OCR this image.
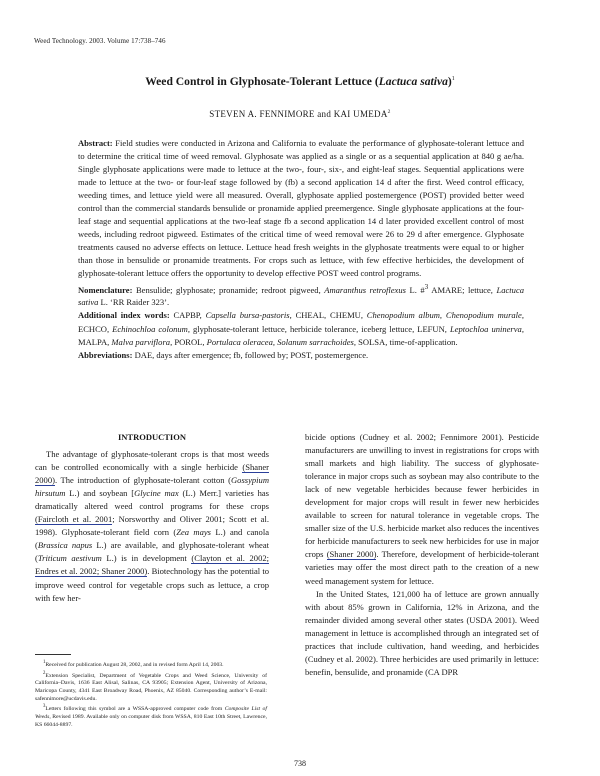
Weed Technology. 2003. Volume 17:738–746
Weed Control in Glyphosate-Tolerant Lettuce (Lactuca sativa)$^1$
STEVEN A. FENNIMORE and KAI UMEDA$^2$

Abstract: Field studies were conducted in Arizona and California to evaluate the performance of glyphosate-tolerant lettuce and to determine the critical time of weed removal. Glyphosate was applied as a single or as a sequential application at 840 g ae/ha. Single glyphosate applications were made to lettuce at the two-, four-, six-, and eight-leaf stages. Sequential applications were made to lettuce at the two- or four-leaf stage followed by (fb) a second application 14 d after the first. Weed control efficacy, weeding times, and lettuce yield were all measured. Overall, glyphosate applied postemergence (POST) provided better weed control than the commercial standards bensulide or pronamide applied preemergence. Single glyphosate applications at the four-leaf stage and sequential applications at the two-leaf stage fb a second application 14 d later provided excellent control of most weeds, including redroot pigweed. Estimates of the critical time of weed removal were 26 to 29 d after emergence. Glyphosate treatments caused no adverse effects on lettuce. Lettuce head fresh weights in the glyphosate treatments were equal to or higher than those in bensulide or pronamide treatments. For crops such as lettuce, with few effective herbicides, the development of glyphosate-tolerant lettuce offers the opportunity to develop effective POST weed control programs.

Nomenclature: Bensulide; glyphosate; pronamide; redroot pigweed, Amaranthus retroflexus L. #$^3$ AMARE; lettuce, Lactuca sativa L. ‘RR Raider 323’.

Additional index words: CAPBP, Capsella bursa-pastoris, CHEAL, CHEMU, Chenopodium album, Chenopodium murale, ECHCO, Echinochloa colonum, glyphosate-tolerant lettuce, herbicide tolerance, iceberg lettuce, LEFUN, Leptochloa uninerva, MALPA, Malva parviflora, POROL, Portulaca oleracea, Solanum sarrachoides, SOLSA, time-of-application.

Abbreviations: DAE, days after emergence; fb, followed by; POST, postemergence.

INTRODUCTION

The advantage of glyphosate-tolerant crops is that most weeds can be controlled economically with a single herbicide (Shaner 2000). The introduction of glyphosate-tolerant cotton (Gossypium hirsutum L.) and soybean [Glycine max (L.) Merr.] varieties has dramatically altered weed control programs for these crops (Faircloth et al. 2001; Norsworthy and Oliver 2001; Scott et al. 1998). Glyphosate-tolerant field corn (Zea mays L.) and canola (Brassica napus L.) are available, and glyphosate-tolerant wheat (Triticum aestivum L.) is in development (Clayton et al. 2002; Endres et al. 2002; Shaner 2000). Biotechnology has the potential to improve weed control for vegetable crops such as lettuce, a crop with few her-

bicide options (Cudney et al. 2002; Fennimore 2001). Pesticide manufacturers are unwilling to invest in registrations for crops with small markets and high liability. The success of glyphosate-tolerance in major crops such as soybean may also contribute to the lack of new vegetable herbicides because fewer herbicides in development for major crops will result in fewer new herbicides available to screen for natural tolerance in vegetable crops. The smaller size of the U.S. herbicide market also reduces the incentives for herbicide manufacturers to seek new herbicides for use in major crops (Shaner 2000). Therefore, development of herbicide-tolerant varieties may offer the most direct path to the creation of a new weed management system for lettuce.

In the United States, 121,000 ha of lettuce are grown annually with about 85% grown in California, 12% in Arizona, and the remainder divided among several other states (USDA 2001). Weed management in lettuce is accomplished through an integrated set of practices that include cultivation, hand weeding, and herbicides (Cudney et al. 2002). Three herbicides are used primarily in lettuce: benefin, bensulide, and pronamide (CA DPR

$^1$Received for publication August 28, 2002, and in revised form April 14, 2003.

$^2$Extension Specialist, Department of Vegetable Crops and Weed Science, University of California–Davis, 1636 East Alisal, Salinas, CA 93905; Extension Agent, University of Arizona, Maricopa County, 4341 East Broadway Road, Phoenix, AZ 85040. Corresponding author’s E-mail: safennimore@ucdavis.edu.

$^3$Letters following this symbol are a WSSA-approved computer code from Composite List of Weeds, Revised 1989. Available only on computer disk from WSSA, 810 East 10th Street, Lawrence, KS 66044-8897.

738
